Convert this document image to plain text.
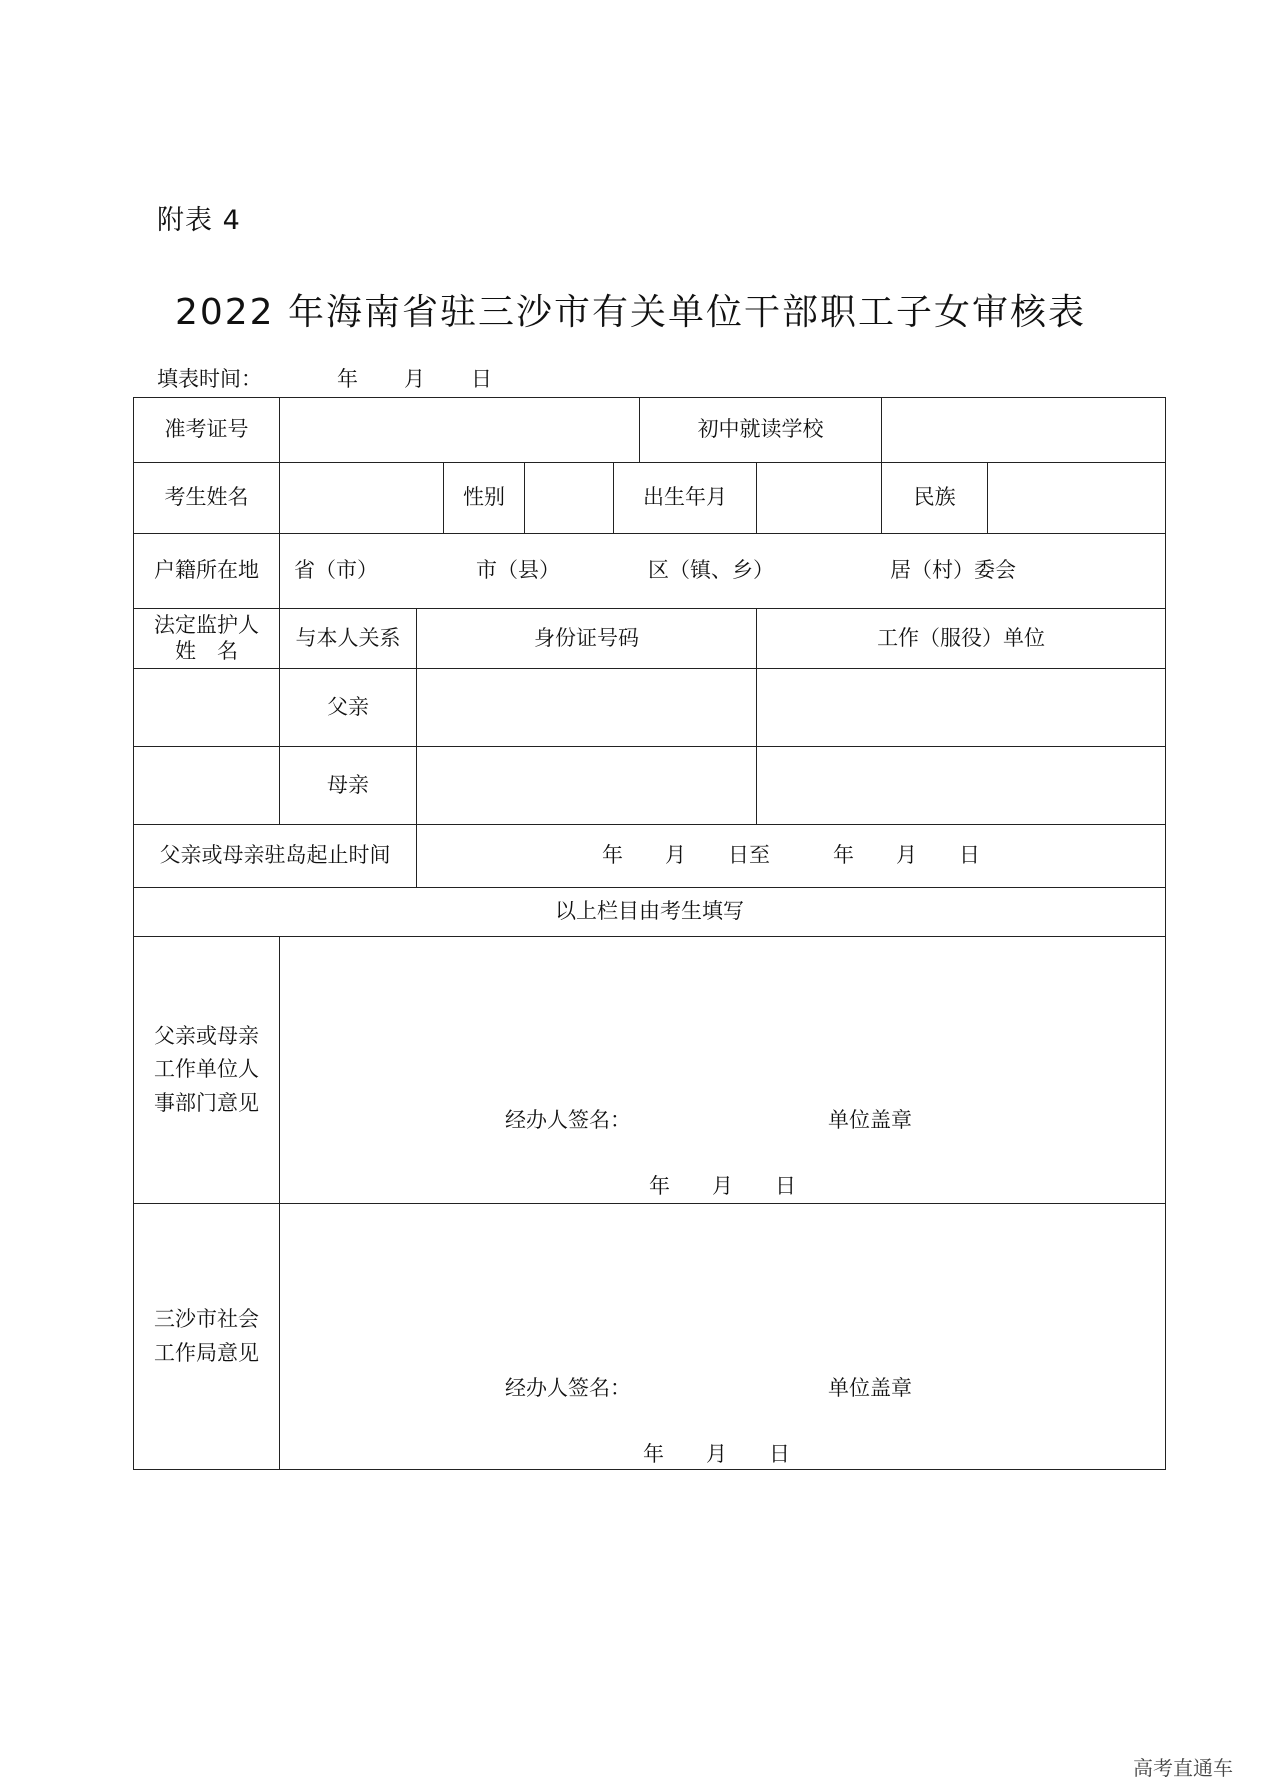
附表 4
2022 年海南省驻三沙市有关单位干部职工子女审核表
填表时间：	年 月 日
准考证号						初中就读学校			
考生姓名			性别		出生年月			民族	
户籍所在地	省（市） 市（县） 区（镇、乡） 居（村）委会								
法定监护人
姓　名	与本人关系	身份证号码					工作（服役）单位		
	父亲								
	母亲								
父亲或母亲驻岛起止时间		年　　月　　日至　　　年　　月　　日							
以上栏目由考生填写									
父亲或母亲
工作单位人
事部门意见	经办人签名： 单位盖章
年　　月　　日								

三沙市社会
工作局意见	经办人签名： 单位盖章
年　　月　　日								
高考直通车
